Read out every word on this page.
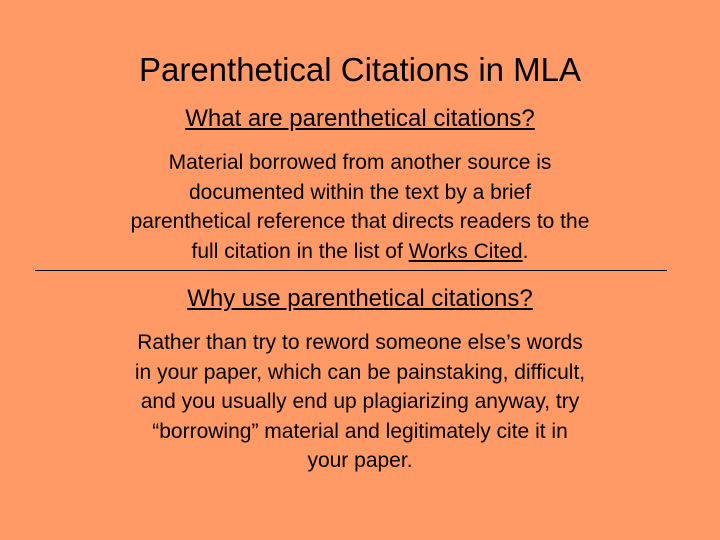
Parenthetical Citations in MLA
What are parenthetical citations?
Material borrowed from another source is
documented within the text by a brief
parenthetical reference that directs readers to the
full citation in the list of Works Cited.
Why use parenthetical citations?
Rather than try to reword someone else’s words
in your paper, which can be painstaking, difficult,
and you usually end up plagiarizing anyway, try
“borrowing” material and legitimately cite it in
your paper.
